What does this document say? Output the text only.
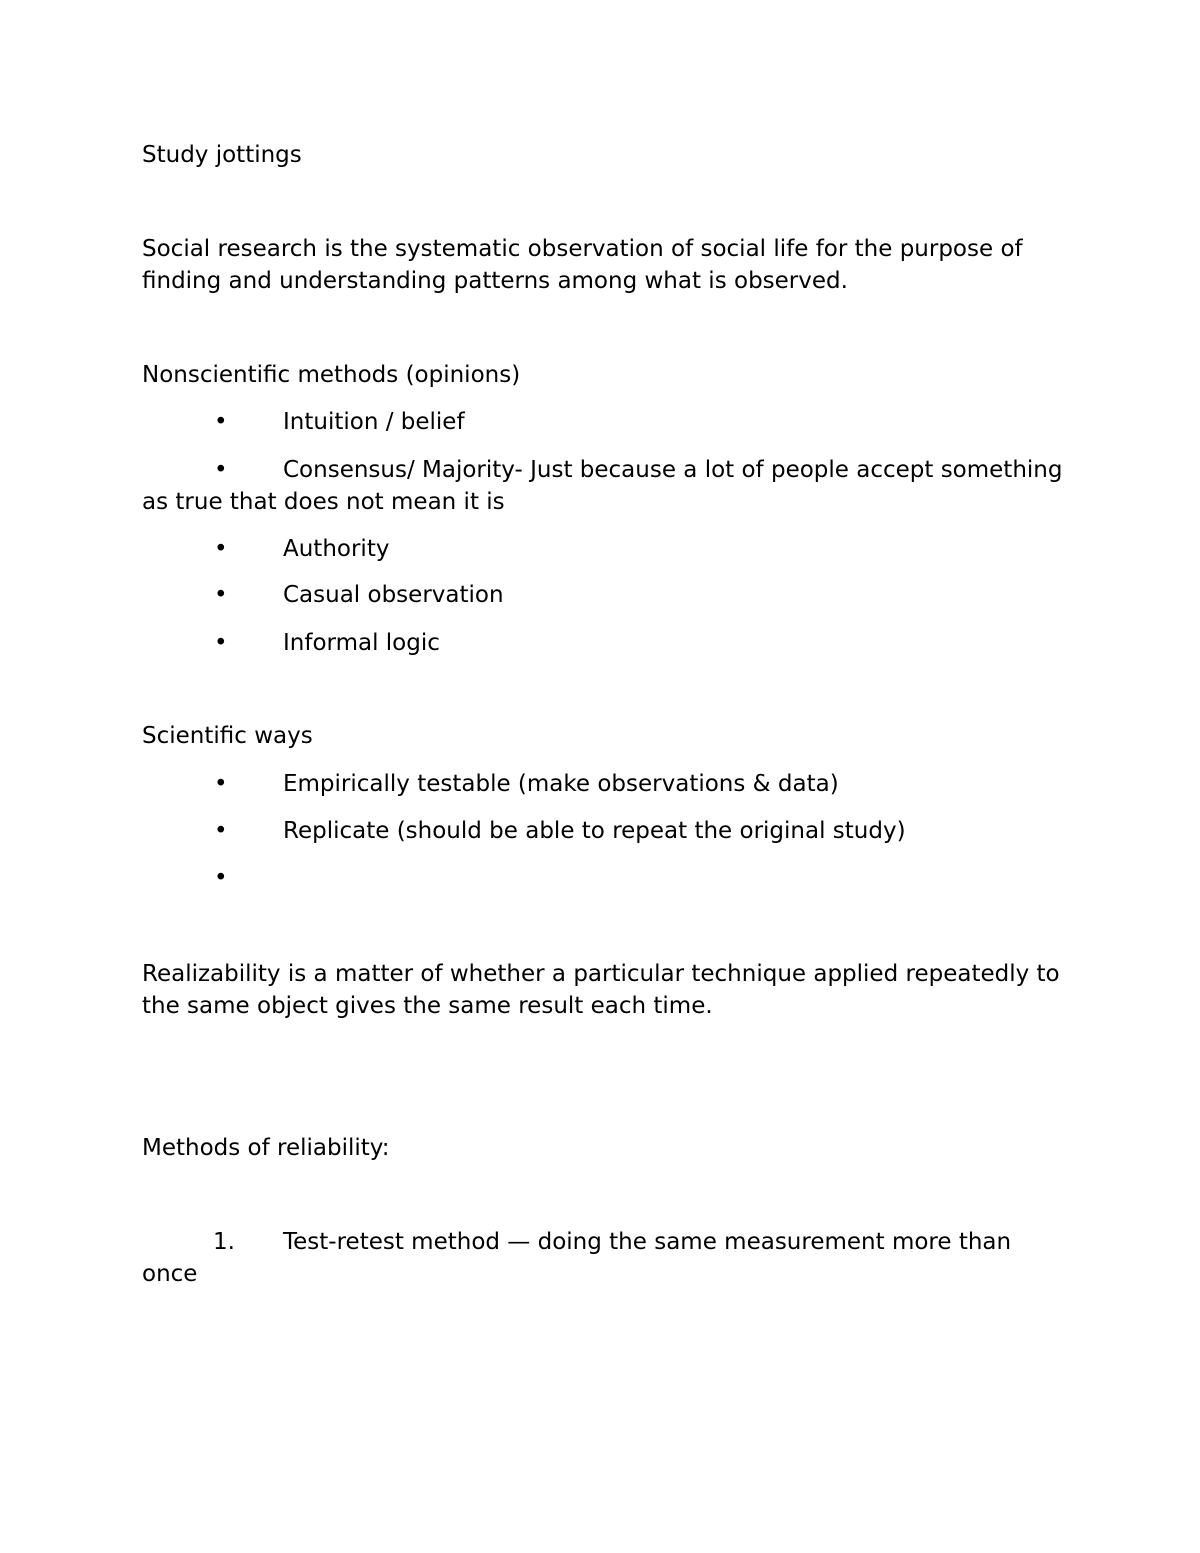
Study jottings

Social research is the systematic observation of social life for the purpose of finding and understanding patterns among what is observed.

Nonscientific methods (opinions)

•	Intuition / belief
•	Consensus/ Majority- Just because a lot of people accept something as true that does not mean it is
•	Authority
•	Casual observation
•	Informal logic

Scientific ways

•	Empirically testable (make observations & data)
•	Replicate (should be able to repeat the original study)
•

Realizability is a matter of whether a particular technique applied repeatedly to the same object gives the same result each time.

Methods of reliability:

1.	Test-retest method — doing the same measurement more than once
